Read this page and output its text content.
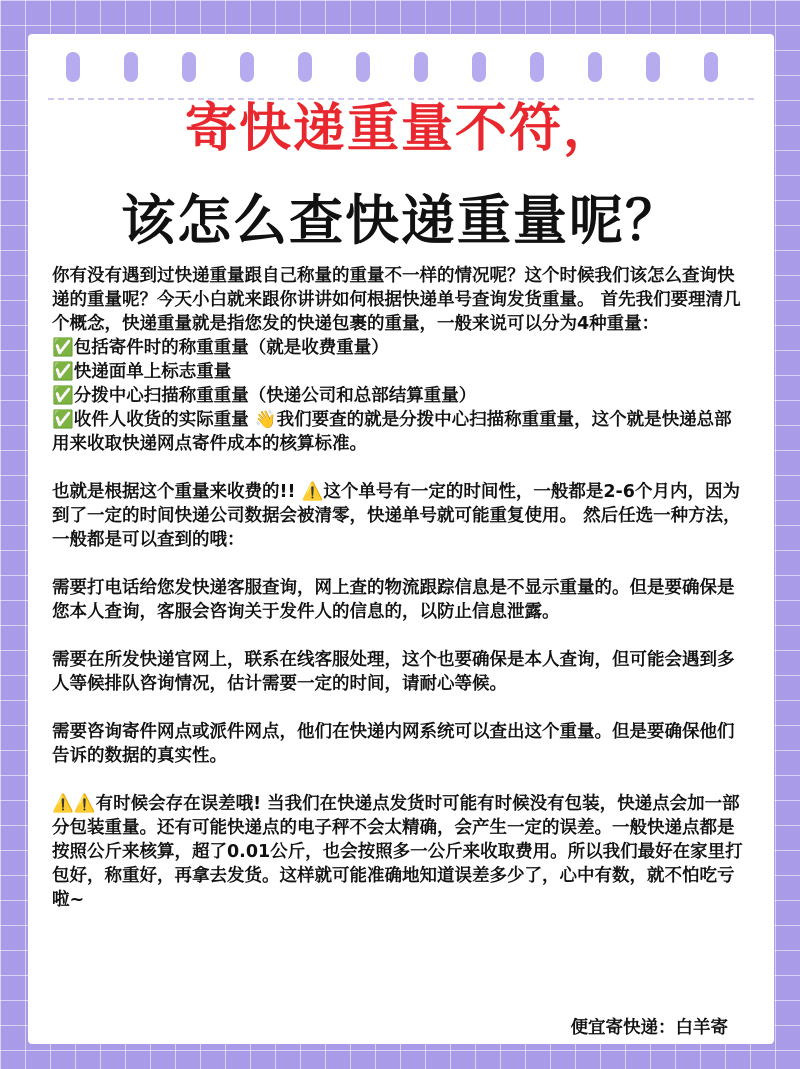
寄快递重量不符，
该怎么查快递重量呢？

你有没有遇到过快递重量跟自己称量的重量不一样的情况呢？这个时候我们该怎么查询快递的重量呢？今天小白就来跟你讲讲如何根据快递单号查询发货重量。 首先我们要理清几个概念，快递重量就是指您发的快递包裹的重量，一般来说可以分为4种重量：

✅包括寄件时的称重重量（就是收费重量）

✅快递面单上标志重量

✅分拨中心扫描称重重量（快递公司和总部结算重量）

✅收件人收货的实际重量 👋我们要查的就是分拨中心扫描称重重量，这个就是快递总部用来收取快递网点寄件成本的核算标准。

也就是根据这个重量来收费的!! ⚠️这个单号有一定的时间性，一般都是2-6个月内，因为到了一定的时间快递公司数据会被清零，快递单号就可能重复使用。 然后任选一种方法，一般都是可以查到的哦：

需要打电话给您发快递客服查询，网上查的物流跟踪信息是不显示重量的。但是要确保是您本人查询，客服会咨询关于发件人的信息的，以防止信息泄露。

需要在所发快递官网上，联系在线客服处理，这个也要确保是本人查询，但可能会遇到多人等候排队咨询情况，估计需要一定的时间，请耐心等候。

需要咨询寄件网点或派件网点，他们在快递内网系统可以查出这个重量。但是要确保他们告诉的数据的真实性。

⚠️⚠️有时候会存在误差哦! 当我们在快递点发货时可能有时候没有包装，快递点会加一部分包装重量。还有可能快递点的电子秤不会太精确，会产生一定的误差。一般快递点都是按照公斤来核算，超了0.01公斤，也会按照多一公斤来收取费用。所以我们最好在家里打包好，称重好，再拿去发货。这样就可能准确地知道误差多少了，心中有数，就不怕吃亏啦~

便宜寄快递：白羊寄
